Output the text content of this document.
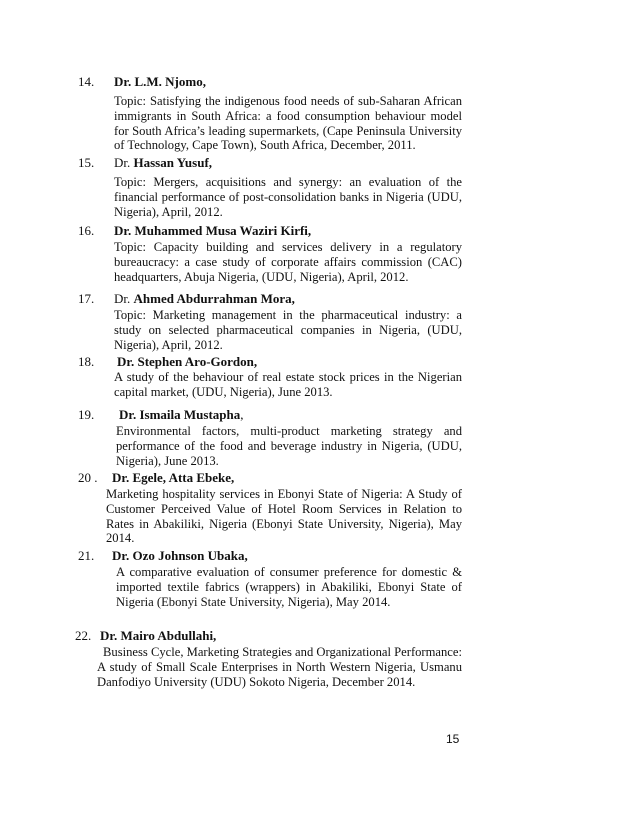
14. Dr. L.M. Njomo,
Topic: Satisfying the indigenous food needs of sub-Saharan African immigrants in South Africa: a food consumption behaviour model for South Africa’s leading supermarkets, (Cape Peninsula University of Technology, Cape Town), South Africa, December, 2011.
15. Dr. Hassan Yusuf,
Topic: Mergers, acquisitions and synergy: an evaluation of the financial performance of post-consolidation banks in Nigeria (UDU, Nigeria), April, 2012.
16. Dr. Muhammed Musa Waziri Kirfi,
Topic: Capacity building and services delivery in a regulatory bureaucracy: a case study of corporate affairs commission (CAC) headquarters, Abuja Nigeria, (UDU, Nigeria), April, 2012.
17. Dr. Ahmed Abdurrahman Mora,
Topic: Marketing management in the pharmaceutical industry: a study on selected pharmaceutical companies in Nigeria, (UDU, Nigeria), April, 2012.
18. Dr. Stephen Aro-Gordon,
A study of the behaviour of real estate stock prices in the Nigerian capital market, (UDU, Nigeria), June 2013.
19. Dr. Ismaila Mustapha,
Environmental factors, multi-product marketing strategy and performance of the food and beverage industry in Nigeria, (UDU, Nigeria), June 2013.
20 . Dr. Egele, Atta Ebeke,
Marketing hospitality services in Ebonyi State of Nigeria: A Study of Customer Perceived Value of Hotel Room Services in Relation to Rates in Abakiliki, Nigeria (Ebonyi State University, Nigeria), May 2014.
21. Dr. Ozo Johnson Ubaka,
A comparative evaluation of consumer preference for domestic & imported textile fabrics (wrappers) in Abakiliki, Ebonyi State of Nigeria (Ebonyi State University, Nigeria), May 2014.
22. Dr. Mairo Abdullahi,
Business Cycle, Marketing Strategies and Organizational Performance: A study of Small Scale Enterprises in North Western Nigeria, Usmanu Danfodiyo University (UDU) Sokoto Nigeria, December 2014.
15
